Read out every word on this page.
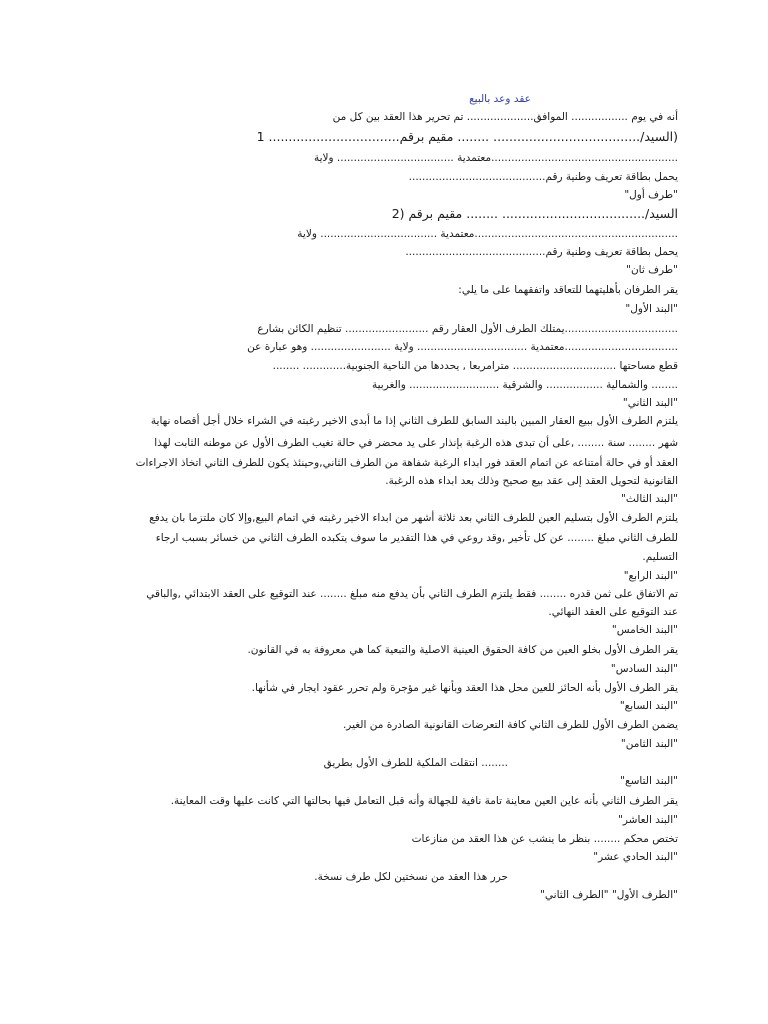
عقد وعد بالبيع
أنه في يوم ................. الموافق.................... تم تحرير هذا العقد بين كل من
(السيد/..................................... ........ مقيم برقم................................. 1
........................................................معتمدية ................................... ولاية
يحمل بطاقة تعريف وطنية رقم.........................................
"طرف أول"
السيد/.................................... ........ مقيم برقم (2
.............................................................معتمدية ................................... ولاية
يحمل بطاقة تعريف وطنية رقم..........................................
"طرف ثان"
يقر الطرفان بأهليتهما للتعاقد واتفقهما على ما يلي:
"البند الأول"
..................................يمتلك الطرف الأول العقار رقم ......................... تنظيم الكائن بشارع
..................................معتمدية ................................. ولاية ........................ وهو عبارة عن
قطع مساحتها ............................... مترامربعا , يحددها من الناحية الجنوبية............. ........
........ والشمالية ................. والشرقية ........................... والغربية
"البند الثاني"
يلتزم الطرف الأول ببيع العقار المبين بالبند السابق للطرف الثاني إذا ما أبدى الاخير رغبته في الشراء خلال أجل أقصاه نهاية
شهر ........ سنة ........ ,على أن تبدى هذه الرغبة بإنذار على يد محضر في حالة تغيب الطرف الأول عن موطنه الثابت لهذا
العقد أو في حالة أمتناعه عن اتمام العقد فور ابداء الرغبة شفاهة من الطرف الثاني,وحينئذ يكون للطرف الثاني اتخاذ الاجراءات
القانونية لتحويل العقد إلى عقد بيع صحيح وذلك بعد ابداء هذه الرغبة.
"البند الثالث"
يلتزم الطرف الأول بتسليم العين للطرف الثاني بعد ثلاثة أشهر من ابداء الاخير رغبته في اتمام البيع,وإلا كان ملتزما بان يدفع
للطرف الثاني مبلغ ........ عن كل تأخير ,وقد روعي في هذا التقدير ما سوف يتكبده الطرف الثاني من خسائر بسبب ارجاء
التسليم.
"البند الرابع"
تم الاتفاق على ثمن قدره ........ فقط يلتزم الطرف الثاني بأن يدفع منه مبلغ ........ عند التوقيع على العقد الابتدائي ,والباقي
عند التوقيع على العقد النهائي.
"البند الخامس"
يقر الطرف الأول بخلو العين من كافة الحقوق العينية الاصلية والتبعية كما هي معروفة به في القانون.
"البند السادس"
يقر الطرف الأول بأنه الحائز للعين محل هذا العقد وبأنها غير مؤجرة ولم تحرر عقود ايجار في شأنها.
"البند السابع"
يضمن الطرف الأول للطرف الثاني كافة التعرضات القانونية الصادرة من الغير.
"البند الثامن"
........ انتقلت الملكية للطرف الأول بطريق
"البند التاسع"
يقر الطرف الثاني بأنه عاين العين معاينة تامة نافية للجهالة وأنه قبل التعامل فيها بحالتها التي كانت عليها وقت المعاينة.
"البند العاشر"
تختص محكم ........ بنظر ما ينشب عن هذا العقد من منازعات
"البند الحادي عشر"
حرر هذا العقد من نسختين لكل طرف نسخة.
"الطرف الأول" "الطرف الثاني"
